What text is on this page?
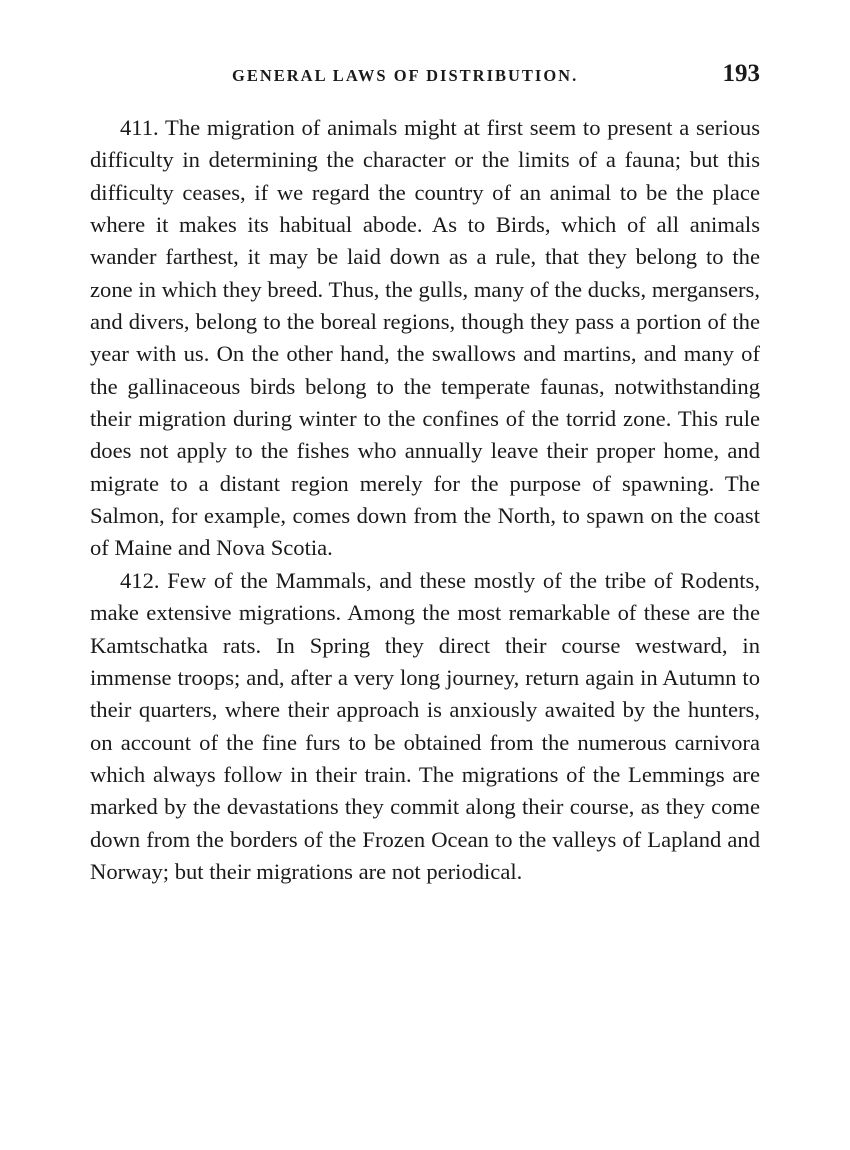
GENERAL LAWS OF DISTRIBUTION.	193

411. The migration of animals might at first seem to present a serious difficulty in determining the character or the limits of a fauna; but this difficulty ceases, if we regard the country of an animal to be the place where it makes its habitual abode. As to Birds, which of all animals wander farthest, it may be laid down as a rule, that they belong to the zone in which they breed. Thus, the gulls, many of the ducks, mergansers, and divers, belong to the boreal regions, though they pass a portion of the year with us. On the other hand, the swallows and martins, and many of the gallinaceous birds belong to the temperate faunas, notwithstanding their migration during winter to the confines of the torrid zone. This rule does not apply to the fishes who annually leave their proper home, and migrate to a distant region merely for the purpose of spawning. The Salmon, for example, comes down from the North, to spawn on the coast of Maine and Nova Scotia.

412. Few of the Mammals, and these mostly of the tribe of Rodents, make extensive migrations. Among the most remarkable of these are the Kamtschatka rats. In Spring they direct their course westward, in immense troops; and, after a very long journey, return again in Autumn to their quarters, where their approach is anxiously awaited by the hunters, on account of the fine furs to be obtained from the numerous carnivora which always follow in their train. The migrations of the Lemmings are marked by the devastations they commit along their course, as they come down from the borders of the Frozen Ocean to the valleys of Lapland and Norway; but their migrations are not periodical.
